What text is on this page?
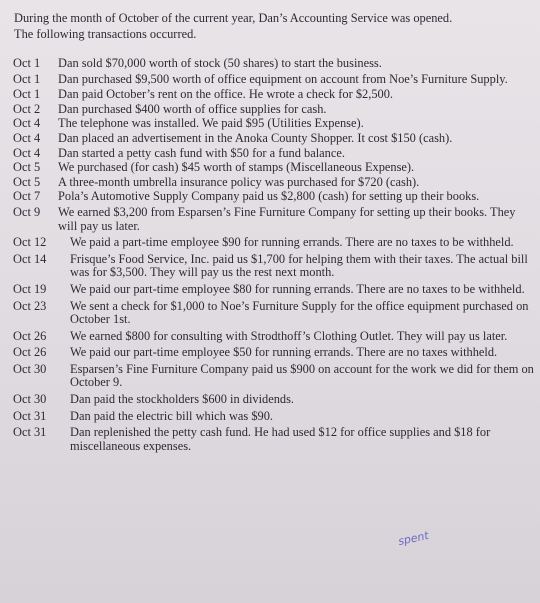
During the month of October of the current year, Dan’s Accounting Service was opened.
The following transactions occurred.
Oct 1	Dan sold $70,000 worth of stock (50 shares) to start the business.
Oct 1	Dan purchased $9,500 worth of office equipment on account from Noe’s Furniture Supply.
Oct 1	Dan paid October’s rent on the office. He wrote a check for $2,500.
Oct 2	Dan purchased $400 worth of office supplies for cash.
Oct 4	The telephone was installed. We paid $95 (Utilities Expense).
Oct 4	Dan placed an advertisement in the Anoka County Shopper. It cost $150 (cash).
Oct 4	Dan started a petty cash fund with $50 for a fund balance.
Oct 5	We purchased (for cash) $45 worth of stamps (Miscellaneous Expense).
Oct 5	A three-month umbrella insurance policy was purchased for $720 (cash).
Oct 7	Pola’s Automotive Supply Company paid us $2,800 (cash) for setting up their books.
Oct 9	We earned $3,200 from Esparsen’s Fine Furniture Company for setting up their books. They will pay us later.
Oct 12	We paid a part-time employee $90 for running errands. There are no taxes to be withheld.
Oct 14	Frisque’s Food Service, Inc. paid us $1,700 for helping them with their taxes. The actual bill was for $3,500. They will pay us the rest next month.
Oct 19	We paid our part-time employee $80 for running errands. There are no taxes to be withheld.
Oct 23	We sent a check for $1,000 to Noe’s Furniture Supply for the office equipment purchased on October 1st.
Oct 26	We earned $800 for consulting with Strodthoff’s Clothing Outlet. They will pay us later.
Oct 26	We paid our part-time employee $50 for running errands. There are no taxes withheld.
Oct 30	Esparsen’s Fine Furniture Company paid us $900 on account for the work we did for them on October 9.
Oct 30	Dan paid the stockholders $600 in dividends.
Oct 31	Dan paid the electric bill which was $90.
Oct 31	Dan replenished the petty cash fund. He had used $12 for office supplies and $18 for miscellaneous expenses.
spent
